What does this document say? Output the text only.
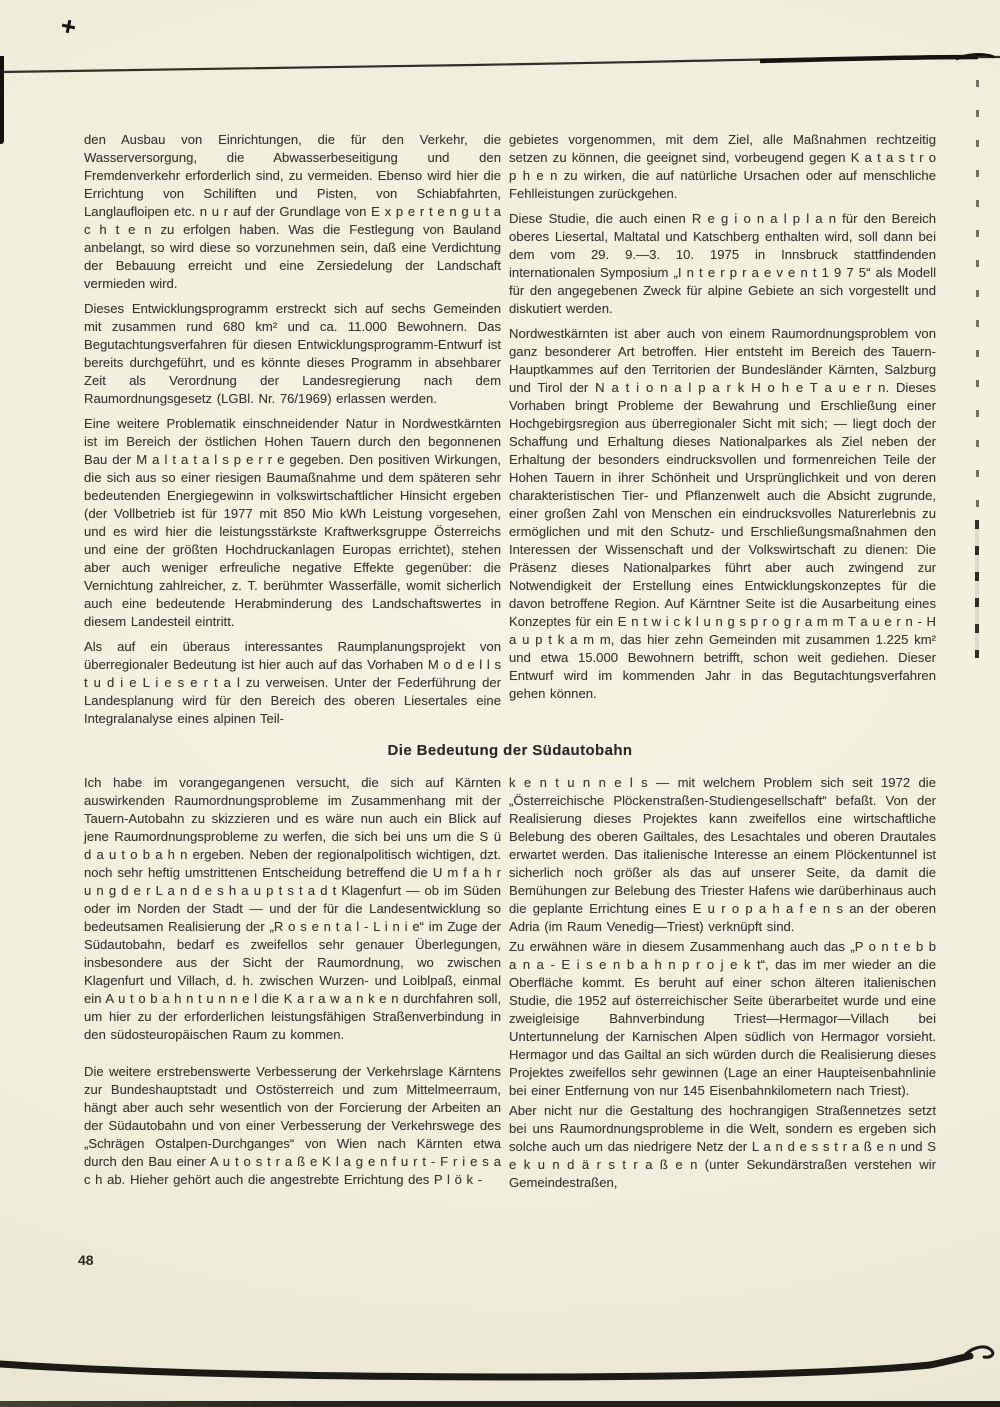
den Ausbau von Einrichtungen, die für den Verkehr, die Wasserversorgung, die Abwasserbeseitigung und den Fremdenverkehr erforderlich sind, zu vermeiden. Ebenso wird hier die Errichtung von Schiliften und Pisten, von Schiabfahrten, Langlaufloipen etc. n u r auf der Grundlage von E x p e r t e n g u t a c h t e n zu erfolgen haben. Was die Festlegung von Bauland anbelangt, so wird diese so vorzunehmen sein, daß eine Verdichtung der Bebauung erreicht und eine Zersiedelung der Landschaft vermieden wird.

Dieses Entwicklungsprogramm erstreckt sich auf sechs Gemeinden mit zusammen rund 680 km² und ca. 11.000 Bewohnern. Das Begutachtungsverfahren für diesen Entwicklungsprogramm-Entwurf ist bereits durchgeführt, und es könnte dieses Programm in absehbarer Zeit als Verordnung der Landesregierung nach dem Raumordnungsgesetz (LGBl. Nr. 76/1969) erlassen werden.

Eine weitere Problematik einschneidender Natur in Nordwestkärnten ist im Bereich der östlichen Hohen Tauern durch den begonnenen Bau der M a l t a t a l s p e r r e gegeben. Den positiven Wirkungen, die sich aus so einer riesigen Baumaßnahme und dem späteren sehr bedeutenden Energiegewinn in volkswirtschaftlicher Hinsicht ergeben (der Vollbetrieb ist für 1977 mit 850 Mio kWh Leistung vorgesehen, und es wird hier die leistungsstärkste Kraftwerksgruppe Österreichs und eine der größten Hochdruckanlagen Europas errichtet), stehen aber auch weniger erfreuliche negative Effekte gegenüber: die Vernichtung zahlreicher, z. T. berühmter Wasserfälle, womit sicherlich auch eine bedeutende Herabminderung des Landschaftswertes in diesem Landesteil eintritt.

Als auf ein überaus interessantes Raumplanungsprojekt von überregionaler Bedeutung ist hier auch auf das Vorhaben M o d e l l s t u d i e L i e s e r t a l zu verweisen. Unter der Federführung der Landesplanung wird für den Bereich des oberen Liesertales eine Integralanalyse eines alpinen Teil-

gebietes vorgenommen, mit dem Ziel, alle Maßnahmen rechtzeitig setzen zu können, die geeignet sind, vorbeugend gegen K a t a s t r o p h e n zu wirken, die auf natürliche Ursachen oder auf menschliche Fehlleistungen zurückgehen.

Diese Studie, die auch einen R e g i o n a l p l a n für den Bereich oberes Liesertal, Maltatal und Katschberg enthalten wird, soll dann bei dem vom 29. 9.—3. 10. 1975 in Innsbruck stattfindenden internationalen Symposium „I n t e r p r a e v e n t 1 9 7 5“ als Modell für den angegebenen Zweck für alpine Gebiete an sich vorgestellt und diskutiert werden.

Nordwestkärnten ist aber auch von einem Raumordnungsproblem von ganz besonderer Art betroffen. Hier entsteht im Bereich des Tauern-Hauptkammes auf den Territorien der Bundesländer Kärnten, Salzburg und Tirol der N a t i o n a l p a r k H o h e T a u e r n. Dieses Vorhaben bringt Probleme der Bewahrung und Erschließung einer Hochgebirgsregion aus überregionaler Sicht mit sich; — liegt doch der Schaffung und Erhaltung dieses Nationalparkes als Ziel neben der Erhaltung der besonders eindrucksvollen und formenreichen Teile der Hohen Tauern in ihrer Schönheit und Ursprünglichkeit und von deren charakteristischen Tier- und Pflanzenwelt auch die Absicht zugrunde, einer großen Zahl von Menschen ein eindrucksvolles Naturerlebnis zu ermöglichen und mit den Schutz- und Erschließungsmaßnahmen den Interessen der Wissenschaft und der Volkswirtschaft zu dienen: Die Präsenz dieses Nationalparkes führt aber auch zwingend zur Notwendigkeit der Erstellung eines Entwicklungskonzeptes für die davon betroffene Region. Auf Kärntner Seite ist die Ausarbeitung eines Konzeptes für ein E n t w i c k l u n g s p r o g r a m m T a u e r n - H a u p t k a m m, das hier zehn Gemeinden mit zusammen 1.225 km² und etwa 15.000 Bewohnern betrifft, schon weit gediehen. Dieser Entwurf wird im kommenden Jahr in das Begutachtungsverfahren gehen können.

Die Bedeutung der Südautobahn

Ich habe im vorangegangenen versucht, die sich auf Kärnten auswirkenden Raumordnungsprobleme im Zusammenhang mit der Tauern-Autobahn zu skizzieren und es wäre nun auch ein Blick auf jene Raumordnungsprobleme zu werfen, die sich bei uns um die S ü d a u t o b a h n ergeben. Neben der regionalpolitisch wichtigen, dzt. noch sehr heftig umstrittenen Entscheidung betreffend die U m f a h r u n g d e r L a n d e s h a u p t s t a d t Klagenfurt — ob im Süden oder im Norden der Stadt — und der für die Landesentwicklung so bedeutsamen Realisierung der „R o s e n t a l - L i n i e“ im Zuge der Südautobahn, bedarf es zweifellos sehr genauer Überlegungen, insbesondere aus der Sicht der Raumordnung, wo zwischen Klagenfurt und Villach, d. h. zwischen Wurzen- und Loiblpaß, einmal ein A u t o b a h n t u n n e l die K a r a w a n k e n durchfahren soll, um hier zu der erforderlichen leistungsfähigen Straßenverbindung in den südosteuropäischen Raum zu kommen.

Die weitere erstrebenswerte Verbesserung der Verkehrslage Kärntens zur Bundeshauptstadt und Ostösterreich und zum Mittelmeerraum, hängt aber auch sehr wesentlich von der Forcierung der Arbeiten an der Südautobahn und von einer Verbesserung der Verkehrswege des „Schrägen Ostalpen-Durchganges“ von Wien nach Kärnten etwa durch den Bau einer A u t o s t r a ß e K l a g e n f u r t - F r i e s a c h ab. Hieher gehört auch die angestrebte Errichtung des P l ö k -

k e n t u n n e l s — mit welchem Problem sich seit 1972 die „Österreichische Plöckenstraßen-Studiengesellschaft“ befaßt. Von der Realisierung dieses Projektes kann zweifellos eine wirtschaftliche Belebung des oberen Gailtales, des Lesachtales und oberen Drautales erwartet werden. Das italienische Interesse an einem Plöckentunnel ist sicherlich noch größer als das auf unserer Seite, da damit die Bemühungen zur Belebung des Triester Hafens wie darüberhinaus auch die geplante Errichtung eines E u r o p a h a f e n s an der oberen Adria (im Raum Venedig—Triest) verknüpft sind.

Zu erwähnen wäre in diesem Zusammenhang auch das „P o n t e b b a n a - E i s e n b a h n p r o j e k t“, das im mer wieder an die Oberfläche kommt. Es beruht auf einer schon älteren italienischen Studie, die 1952 auf österreichischer Seite überarbeitet wurde und eine zweigleisige Bahnverbindung Triest—Hermagor—Villach bei Untertunnelung der Karnischen Alpen südlich von Hermagor vorsieht. Hermagor und das Gailtal an sich würden durch die Realisierung dieses Projektes zweifellos sehr gewinnen (Lage an einer Haupteisenbahnlinie bei einer Entfernung von nur 145 Eisenbahnkilometern nach Triest).

Aber nicht nur die Gestaltung des hochrangigen Straßennetzes setzt bei uns Raumordnungsprobleme in die Welt, sondern es ergeben sich solche auch um das niedrigere Netz der L a n d e s s t r a ß e n und S e k u n d ä r s t r a ß e n (unter Sekundärstraßen verstehen wir Gemeindestraßen,

48
